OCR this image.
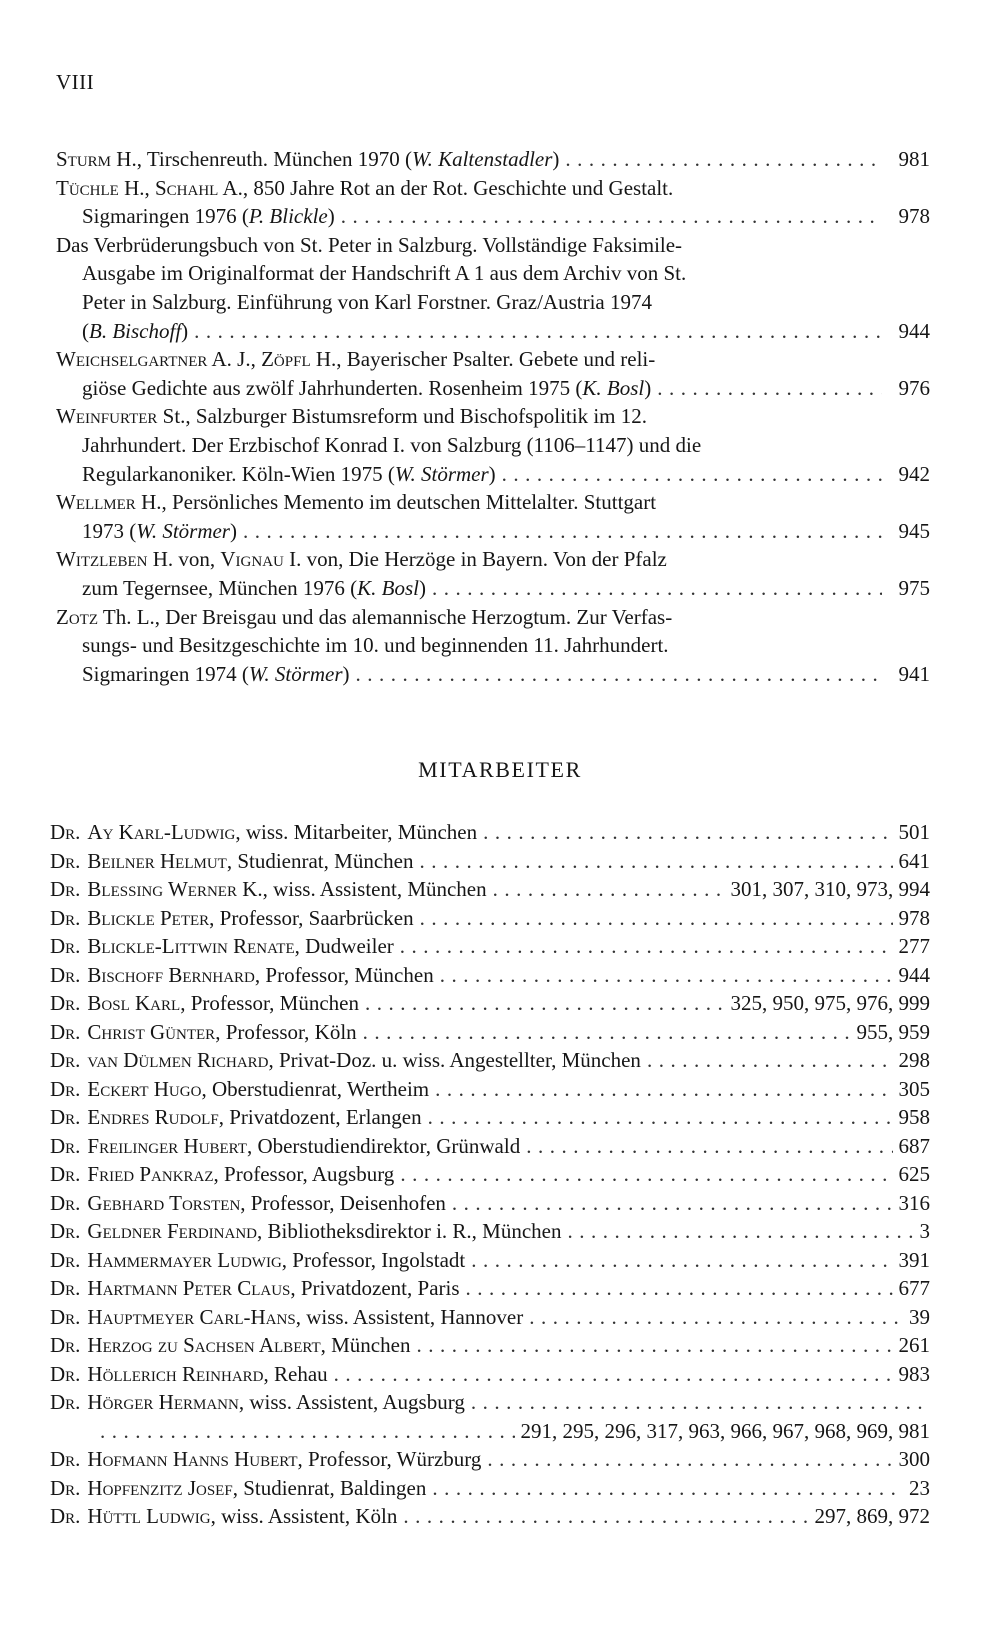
VIII
Sturm H., Tirschenreuth. München 1970 (W. Kaltenstadler) .....	981
Tüchle H., Schahl A., 850 Jahre Rot an der Rot. Geschichte und Gestalt.
Sigmaringen 1976 (P. Blickle) .....	978
Das Verbrüderungsbuch von St. Peter in Salzburg. Vollständige Faksimile-
Ausgabe im Originalformat der Handschrift A 1 aus dem Archiv von St.
Peter in Salzburg. Einführung von Karl Forstner. Graz/Austria 1974
(B. Bischoff) .....	944
Weichselgartner A. J., Zöpfl H., Bayerischer Psalter. Gebete und reli-
giöse Gedichte aus zwölf Jahrhunderten. Rosenheim 1975 (K. Bosl) .....	976
Weinfurter St., Salzburger Bistumsreform und Bischofspolitik im 12.
Jahrhundert. Der Erzbischof Konrad I. von Salzburg (1106–1147) und die
Regularkanoniker. Köln-Wien 1975 (W. Störmer) .....	942
Wellmer H., Persönliches Memento im deutschen Mittelalter. Stuttgart
1973 (W. Störmer) .....	945
Witzleben H. von, Vignau I. von, Die Herzöge in Bayern. Von der Pfalz
zum Tegernsee, München 1976 (K. Bosl) .....	975
Zotz Th. L., Der Breisgau und das alemannische Herzogtum. Zur Verfas-
sungs- und Besitzgeschichte im 10. und beginnenden 11. Jahrhundert.
Sigmaringen 1974 (W. Störmer) .....	941
MITARBEITER
Dr. Ay Karl-Ludwig , wiss. Mitarbeiter, München .....	501
Dr. Beilner Helmut , Studienrat, München .....	641
Dr. Blessing Werner K. , wiss. Assistent, München .....	301, 307, 310, 973, 994
Dr. Blickle Peter , Professor, Saarbrücken .....	978
Dr. Blickle-Littwin Renate , Dudweiler .....	277
Dr. Bischoff Bernhard , Professor, München .....	944
Dr. Bosl Karl , Professor, München .....	325, 950, 975, 976, 999
Dr. Christ Günter , Professor, Köln .....	955, 959
Dr. van Dülmen Richard , Privat-Doz. u. wiss. Angestellter, München .....	298
Dr. Eckert Hugo , Oberstudienrat, Wertheim .....	305
Dr. Endres Rudolf , Privatdozent, Erlangen .....	958
Dr. Freilinger Hubert , Oberstudiendirektor, Grünwald .....	687
Dr. Fried Pankraz , Professor, Augsburg .....	625
Dr. Gebhard Torsten , Professor, Deisenhofen .....	316
Dr. Geldner Ferdinand , Bibliotheksdirektor i. R., München .....	3
Dr. Hammermayer Ludwig , Professor, Ingolstadt .....	391
Dr. Hartmann Peter Claus , Privatdozent, Paris .....	677
Dr. Hauptmeyer Carl-Hans , wiss. Assistent, Hannover .....	39
Dr. Herzog zu Sachsen Albert , München .....	261
Dr. Höllerich Reinhard , Rehau .....	983
Dr. Hörger Hermann , wiss. Assistent, Augsburg
.....
.....
291, 295, 296, 317, 963, 966, 967, 968, 969, 981
Dr. Hofmann Hanns Hubert , Professor, Würzburg .....	300
Dr. Hopfenzitz Josef , Studienrat, Baldingen .....	23
Dr. Hüttl Ludwig , wiss. Assistent, Köln .....	297, 869, 972
